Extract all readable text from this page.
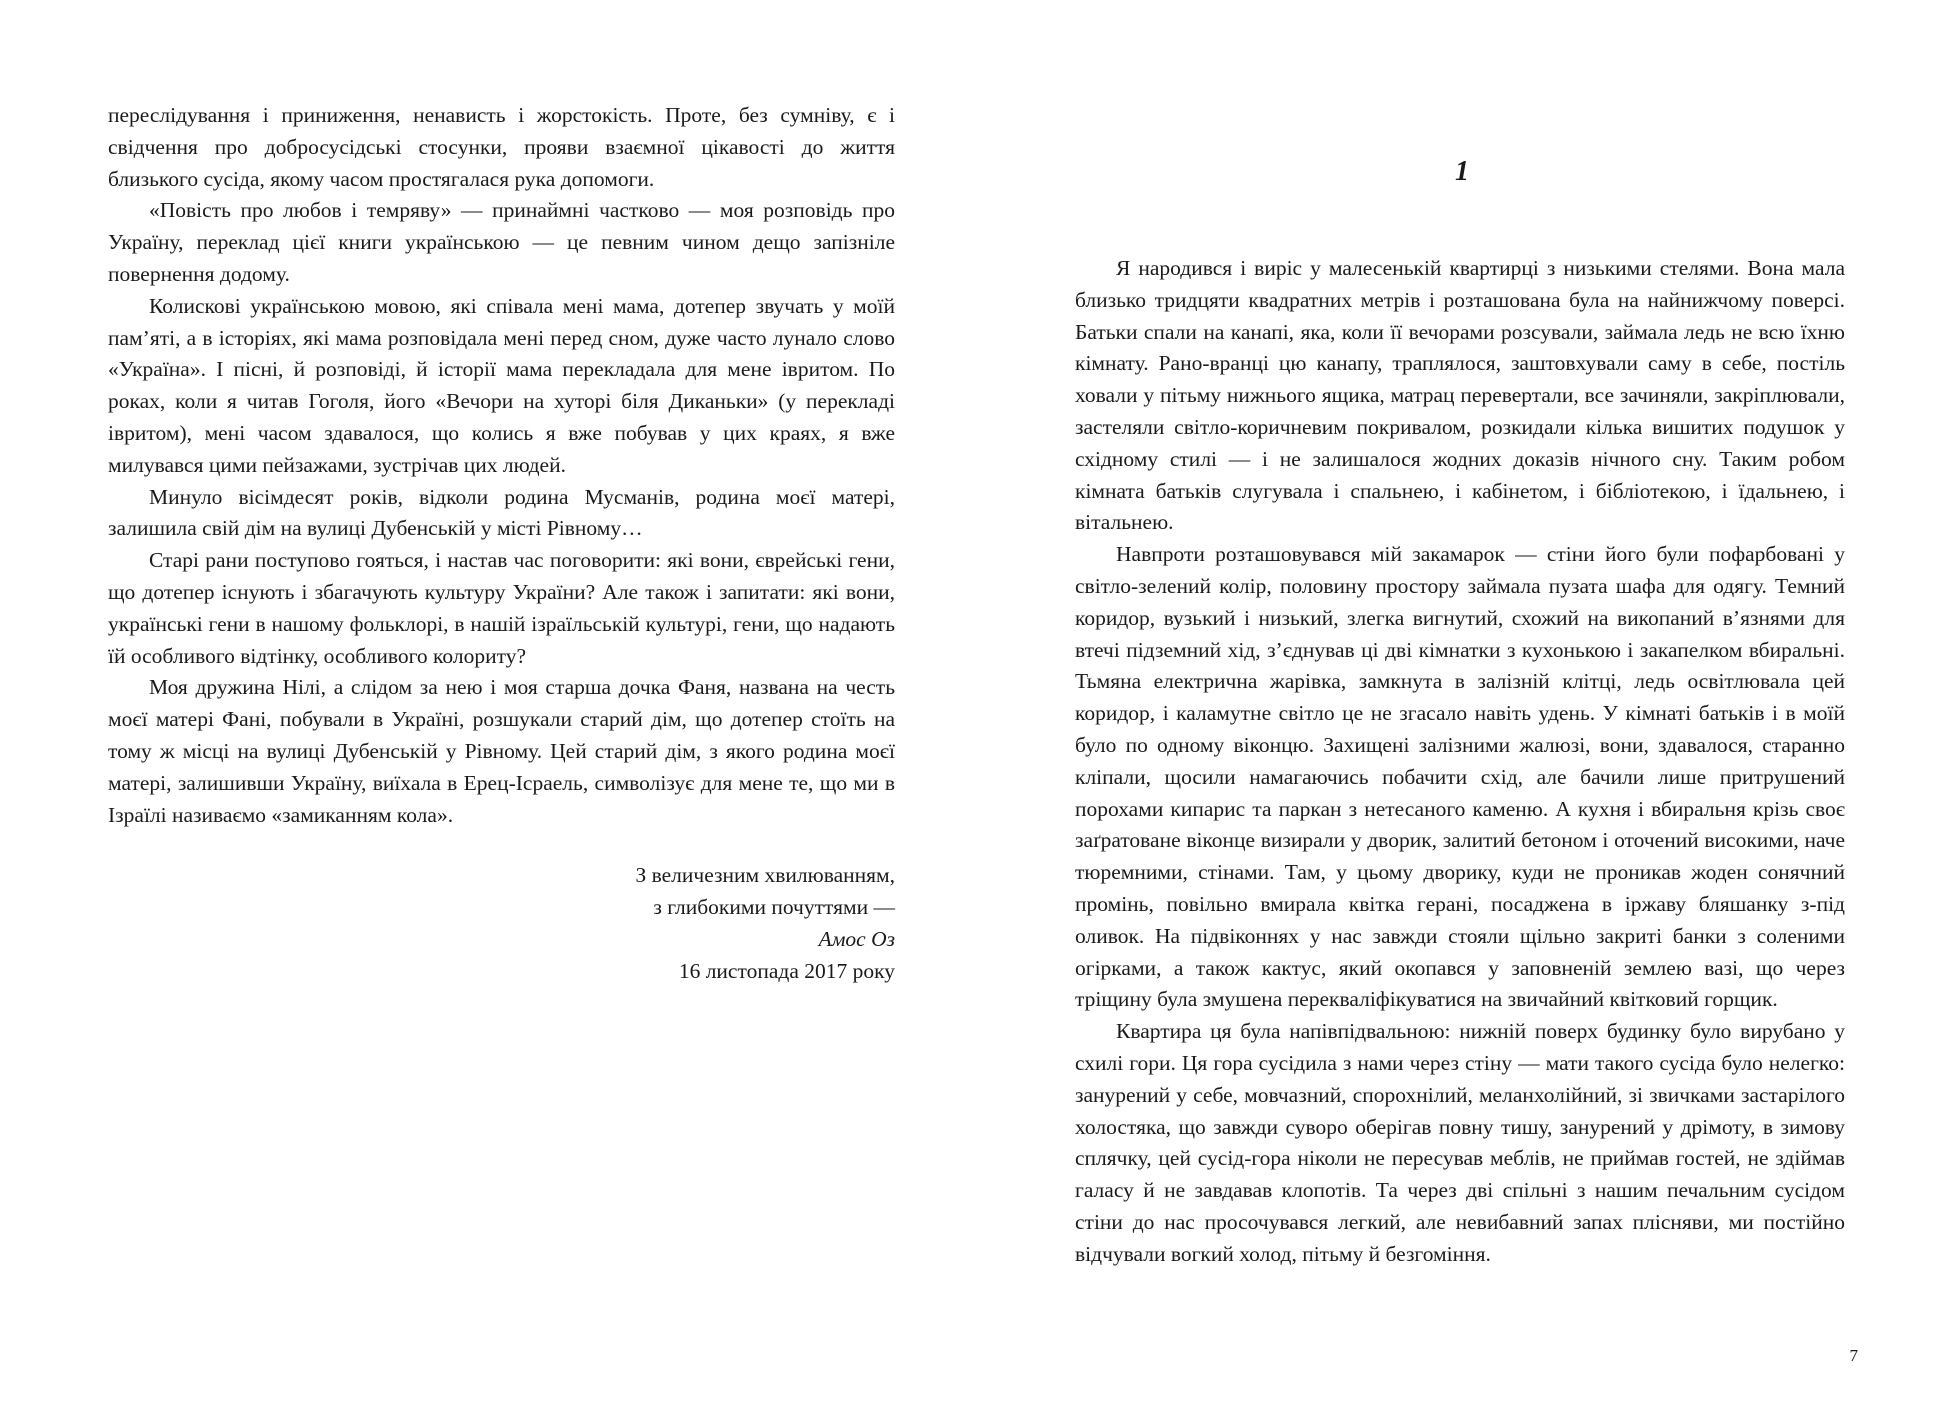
переслідування і приниження, ненависть і жорстокість. Проте, без сумніву, є і свідчення про добросусідські стосунки, прояви взаємної цікавості до життя близького сусіда, якому часом простягалася рука допомоги.

«Повість про любов і темряву» — принаймні частково — моя розповідь про Україну, переклад цієї книги українською — це певним чином дещо запізніле повернення додому.

Колискові українською мовою, які співала мені мама, дотепер звучать у моїй пам’яті, а в історіях, які мама розповідала мені перед сном, дуже часто лунало слово «Україна». І пісні, й розповіді, й історії мама перекладала для мене івритом. По роках, коли я читав Гоголя, його «Вечори на хуторі біля Диканьки» (у перекладі івритом), мені часом здавалося, що колись я вже побував у цих краях, я вже милувався цими пейзажами, зустрічав цих людей.

Минуло вісімдесят років, відколи родина Мусманів, родина моєї матері, залишила свій дім на вулиці Дубенській у місті Рівному…

Старі рани поступово гояться, і настав час поговорити: які вони, єврейські гени, що дотепер існують і збагачують культуру України? Але також і запитати: які вони, українські гени в нашому фольклорі, в нашій ізраїльській культурі, гени, що надають їй особливого відтінку, особливого колориту?

Моя дружина Нілі, а слідом за нею і моя старша дочка Фаня, названа на честь моєї матері Фані, побували в Україні, розшукали старий дім, що дотепер стоїть на тому ж місці на вулиці Дубенській у Рівному. Цей старий дім, з якого родина моєї матері, залишивши Україну, виїхала в Ерец-Ісраель, символізує для мене те, що ми в Ізраїлі називаємо «замиканням кола».

З величезним хвилюванням,
з глибокими почуттями —
Амос Оз
16 листопада 2017 року
1

Я народився і виріс у малесенькій квартирці з низькими стелями. Вона мала близько тридцяти квадратних метрів і розташована була на найнижчому поверсі. Батьки спали на канапі, яка, коли її вечорами розсували, займала ледь не всю їхню кімнату. Рано-вранці цю канапу, траплялося, заштовхували саму в себе, постіль ховали у пітьму нижнього ящика, матрац перевертали, все зачиняли, закріплювали, застеляли світло-коричневим покривалом, розкидали кілька вишитих подушок у східному стилі — і не залишалося жодних доказів нічного сну. Таким робом кімната батьків слугувала і спальнею, і кабінетом, і бібліотекою, і їдальнею, і вітальнею.

Навпроти розташовувався мій закамарок — стіни його були пофарбовані у світло-зелений колір, половину простору займала пузата шафа для одягу. Темний коридор, вузький і низький, злегка вигнутий, схожий на викопаний в’язнями для втечі підземний хід, з’єднував ці дві кімнатки з кухонькою і закапелком вбиральні. Тьмяна електрична жарівка, замкнута в залізній клітці, ледь освітлювала цей коридор, і каламутне світло це не згасало навіть удень. У кімнаті батьків і в моїй було по одному віконцю. Захищені залізними жалюзі, вони, здавалося, старанно кліпали, щосили намагаючись побачити схід, але бачили лише притрушений порохами кипарис та паркан з нетесаного каменю. А кухня і вбиральня крізь своє заґратоване віконце визирали у дворик, залитий бетоном і оточений високими, наче тюремними, стінами. Там, у цьому дворику, куди не проникав жоден сонячний промінь, повільно вмирала квітка герані, посаджена в іржаву бляшанку з-під оливок. На підвіконнях у нас завжди стояли щільно закриті банки з соленими огірками, а також кактус, який окопався у заповненій землею вазі, що через тріщину була змушена перекваліфікуватися на звичайний квітковий горщик.

Квартира ця була напівпідвальною: нижній поверх будинку було вирубано у схилі гори. Ця гора сусідила з нами через стіну — мати такого сусіда було нелегко: занурений у себе, мовчазний, спорохнілий, меланхолійний, зі звичками застарілого холостяка, що завжди суворо оберігав повну тишу, занурений у дрімоту, в зимову сплячку, цей сусід-гора ніколи не пересував меблів, не приймав гостей, не здіймав галасу й не завдавав клопотів. Та через дві спільні з нашим печальним сусідом стіни до нас просочувався легкий, але невибавний запах плісняви, ми постійно відчували вогкий холод, пітьму й безгоміння.

7
